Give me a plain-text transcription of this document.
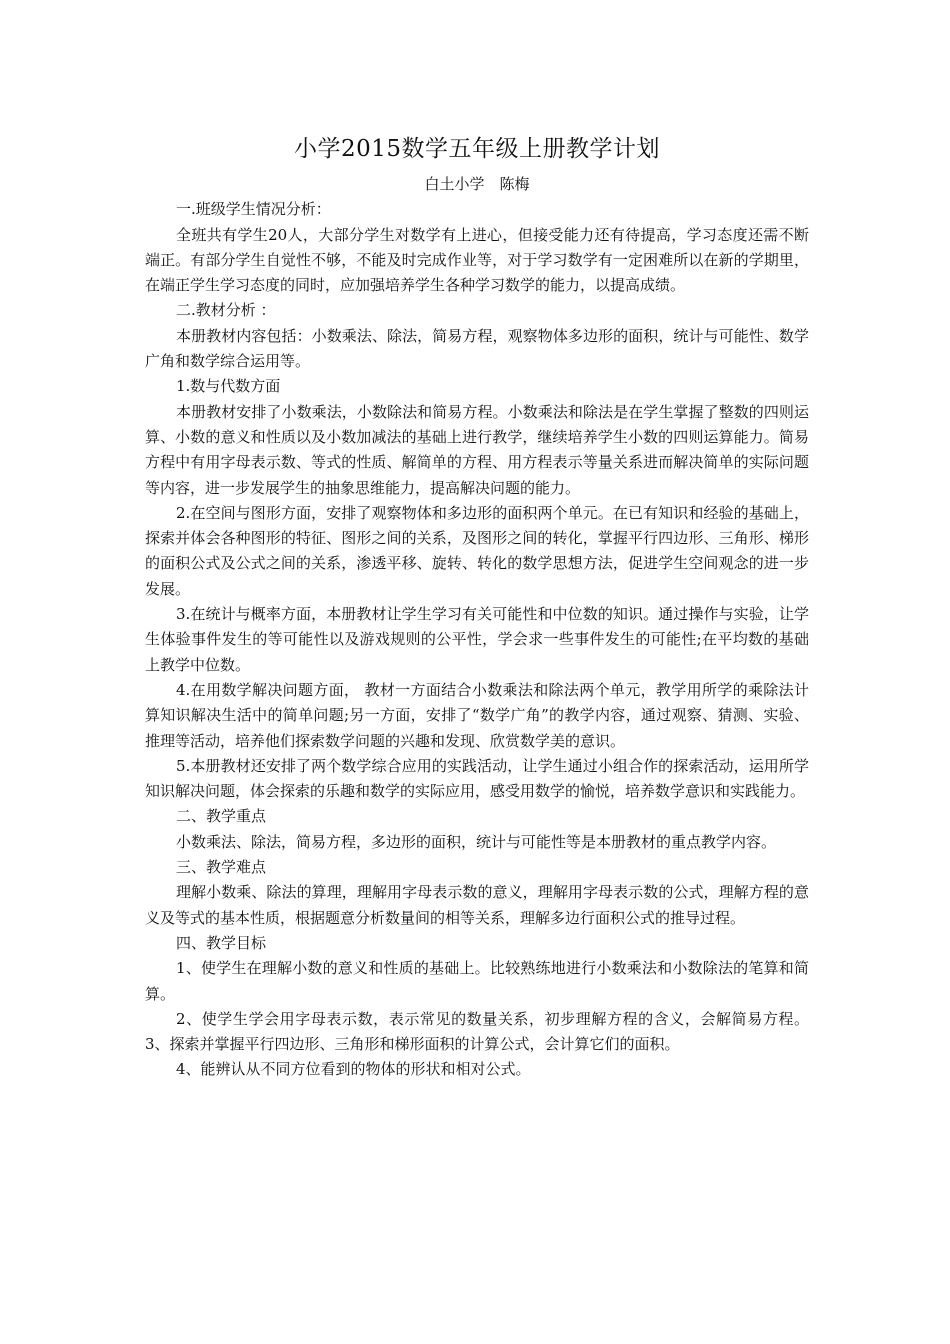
小学2015数学五年级上册教学计划

白土小学　陈梅

一.班级学生情况分析：

全班共有学生20人，大部分学生对数学有上进心，但接受能力还有待提高，学习态度还需不断端正。有部分学生自觉性不够，不能及时完成作业等，对于学习数学有一定困难所以在新的学期里，在端正学生学习态度的同时，应加强培养学生各种学习数学的能力，以提高成绩。

二.教材分析 ：

本册教材内容包括：小数乘法、除法，简易方程，观察物体多边形的面积，统计与可能性、数学广角和数学综合运用等。

1.数与代数方面

本册教材安排了小数乘法，小数除法和简易方程。小数乘法和除法是在学生掌握了整数的四则运算、小数的意义和性质以及小数加减法的基础上进行教学，继续培养学生小数的四则运算能力。简易方程中有用字母表示数、等式的性质、解简单的方程、用方程表示等量关系进而解决简单的实际问题等内容，进一步发展学生的抽象思维能力，提高解决问题的能力。

2.在空间与图形方面，安排了观察物体和多边形的面积两个单元。在已有知识和经验的基础上，探索并体会各种图形的特征、图形之间的关系，及图形之间的转化，掌握平行四边形、三角形、梯形的面积公式及公式之间的关系，渗透平移、旋转、转化的数学思想方法，促进学生空间观念的进一步发展。

3.在统计与概率方面，本册教材让学生学习有关可能性和中位数的知识。通过操作与实验，让学生体验事件发生的等可能性以及游戏规则的公平性，学会求一些事件发生的可能性;在平均数的基础上教学中位数。

4.在用数学解决问题方面， 教材一方面结合小数乘法和除法两个单元，教学用所学的乘除法计算知识解决生活中的简单问题;另一方面，安排了“数学广角”的教学内容，通过观察、猜测、实验、推理等活动，培养他们探索数学问题的兴趣和发现、欣赏数学美的意识。

5.本册教材还安排了两个数学综合应用的实践活动，让学生通过小组合作的探索活动，运用所学知识解决问题，体会探索的乐趣和数学的实际应用，感受用数学的愉悦，培养数学意识和实践能力。

二、教学重点

小数乘法、除法，简易方程，多边形的面积，统计与可能性等是本册教材的重点教学内容。

三、教学难点

理解小数乘、除法的算理，理解用字母表示数的意义，理解用字母表示数的公式，理解方程的意义及等式的基本性质，根据题意分析数量间的相等关系，理解多边行面积公式的推导过程。

四、教学目标

1、使学生在理解小数的意义和性质的基础上。比较熟练地进行小数乘法和小数除法的笔算和简算。

2、使学生学会用字母表示数，表示常见的数量关系，初步理解方程的含义，会解简易方程。3、探索并掌握平行四边形、三角形和梯形面积的计算公式，会计算它们的面积。

4、能辨认从不同方位看到的物体的形状和相对公式。
